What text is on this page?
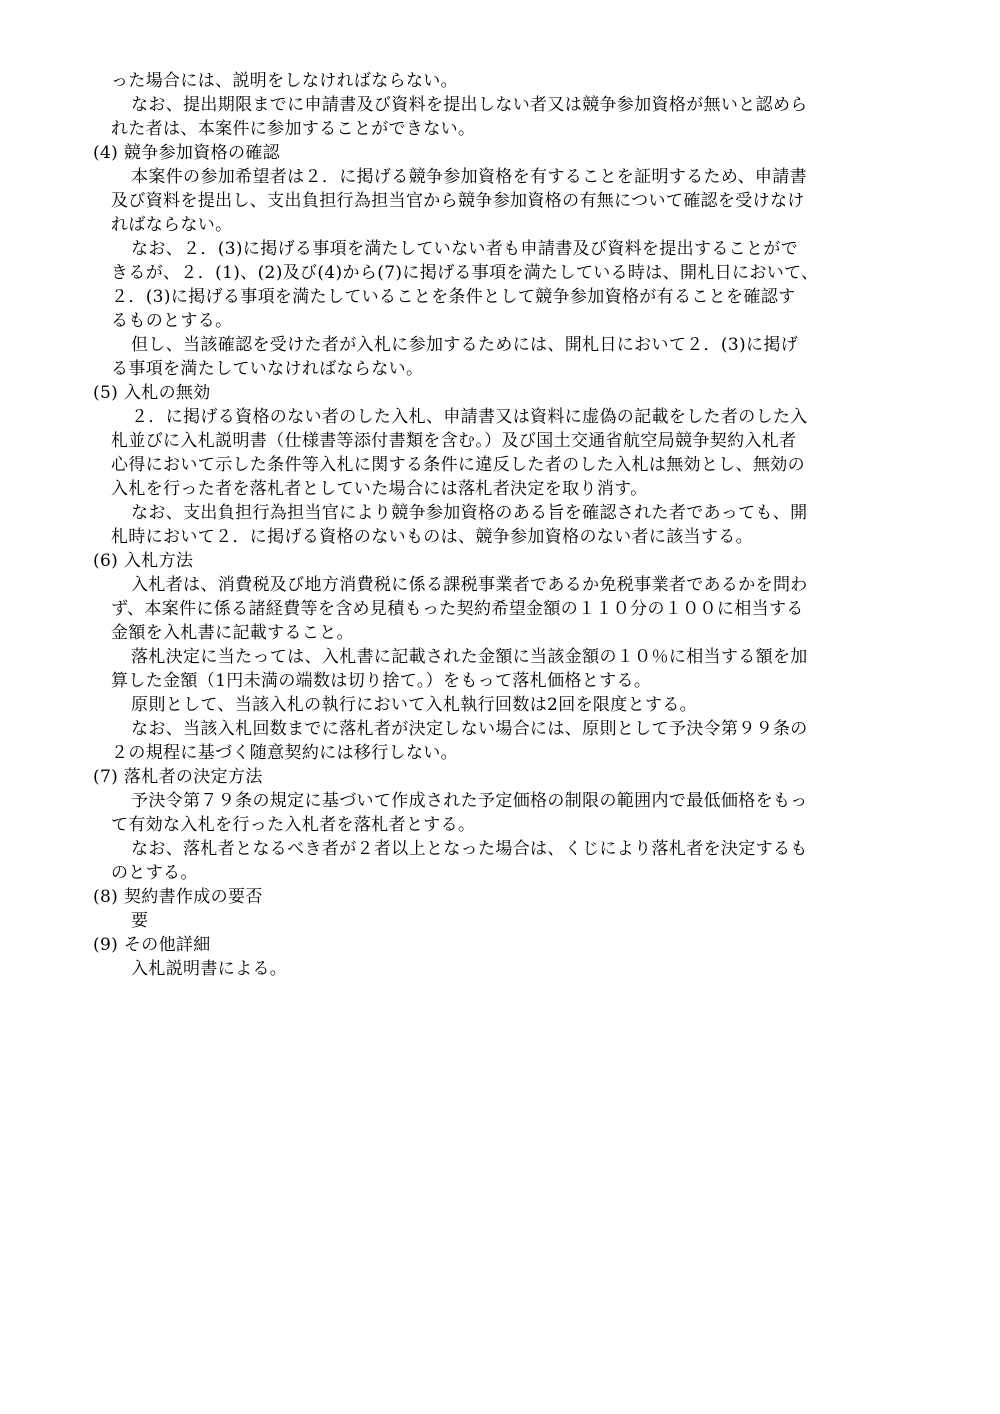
った場合には、説明をしなければならない。
なお、提出期限までに申請書及び資料を提出しない者又は競争参加資格が無いと認めら
れた者は、本案件に参加することができない。
(4) 競争参加資格の確認
本案件の参加希望者は２．に掲げる競争参加資格を有することを証明するため、申請書
及び資料を提出し、支出負担行為担当官から競争参加資格の有無について確認を受けなけ
ればならない。
なお、２．(3)に掲げる事項を満たしていない者も申請書及び資料を提出することがで
きるが、２．(1)、(2)及び(4)から(7)に掲げる事項を満たしている時は、開札日において、
２．(3)に掲げる事項を満たしていることを条件として競争参加資格が有ることを確認す
るものとする。
但し、当該確認を受けた者が入札に参加するためには、開札日において２．(3)に掲げ
る事項を満たしていなければならない。
(5) 入札の無効
２．に掲げる資格のない者のした入札、申請書又は資料に虚偽の記載をした者のした入
札並びに入札説明書（仕様書等添付書類を含む。）及び国土交通省航空局競争契約入札者
心得において示した条件等入札に関する条件に違反した者のした入札は無効とし、無効の
入札を行った者を落札者としていた場合には落札者決定を取り消す。
なお、支出負担行為担当官により競争参加資格のある旨を確認された者であっても、開
札時において２．に掲げる資格のないものは、競争参加資格のない者に該当する。
(6) 入札方法
入札者は、消費税及び地方消費税に係る課税事業者であるか免税事業者であるかを問わ
ず、本案件に係る諸経費等を含め見積もった契約希望金額の１１０分の１００に相当する
金額を入札書に記載すること。
落札決定に当たっては、入札書に記載された金額に当該金額の１０％に相当する額を加
算した金額（1円未満の端数は切り捨て。）をもって落札価格とする。
原則として、当該入札の執行において入札執行回数は2回を限度とする。
なお、当該入札回数までに落札者が決定しない場合には、原則として予決令第９９条の
２の規程に基づく随意契約には移行しない。
(7) 落札者の決定方法
予決令第７９条の規定に基づいて作成された予定価格の制限の範囲内で最低価格をもっ
て有効な入札を行った入札者を落札者とする。
なお、落札者となるべき者が２者以上となった場合は、くじにより落札者を決定するも
のとする。
(8) 契約書作成の要否
要
(9) その他詳細
入札説明書による。
